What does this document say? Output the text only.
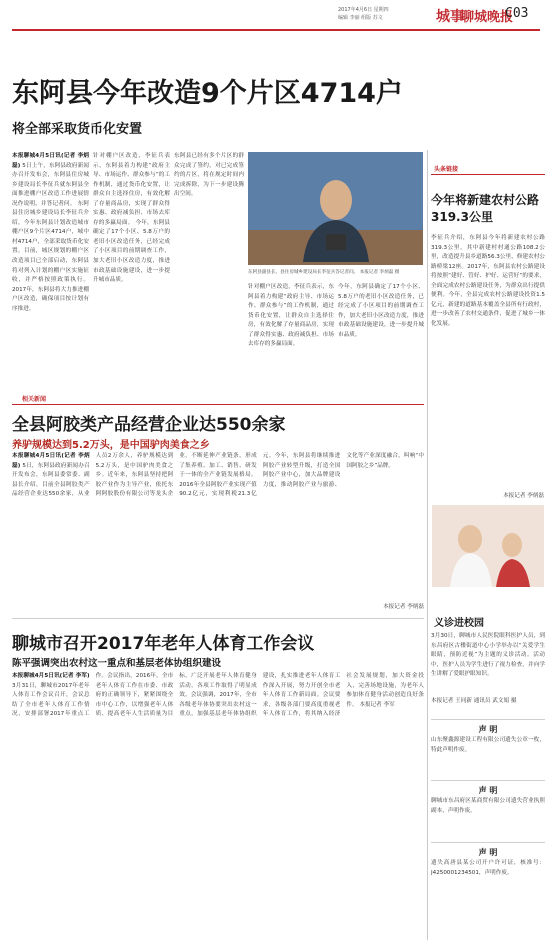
2017年4月6日 星期四
编辑 李丽 组版 苏文	城事
聊城晚报
C03
东阿县今年改造9个片区4714户
将全部采取货币化安置
本报聊城4月5日讯(记者 李炳磊) 5日上午，东阿县政府新闻办召开发布会，东阿县住房城乡建设局长李征兵就东阿县全面推进棚户区改造工作进展情况作说明，并答记者问。 东阿县住房城乡建设局长李征兵介绍，今年东阿县计划改造城市棚户区9个片区4714户，城中村4714户，全部采取货币化安置。目前，城区规划的棚户区改造项目已全部启动，东阿县将对列入计划的棚户区实施征收，并严格按照政策执行。2017年，东阿县将大力推进棚户区改造，确保项目按计划有序推进。
针对棚户区改造，李征兵表示，东阿县着力构建“政府主导、市场运作、群众参与”的工作机制，通过货币化安置，让群众自主选择住房，有效化解了存量商品房，实现了群众得实惠、政府减负担、市场去库存的多赢局面。 今年，东阿县确定了17个小区、5.8万户的老旧小区改造任务，已经完成了小区项目的前期调查工作，加大老旧小区改造力度，推进市政基础设施建设，进一步提升城市品质。
东阿县已经有多个片区的群众完成了签约，对已完成签约的片区，将在规定时间内完成拆除，为下一步建设腾出空间。
东阿县副县长、县住房城乡建设局长李征兵答记者问。 本报记者 李炳磊 摄
针对棚户区改造，李征兵表示，东阿县着力构建“政府主导、市场运作、群众参与”的工作机制，通过货币化安置，让群众自主选择住房，有效化解了存量商品房，实现了群众得实惠、政府减负担、市场去库存的多赢局面。
今年，东阿县确定了17个小区、5.8万户的老旧小区改造任务，已经完成了小区项目的前期调查工作，加大老旧小区改造力度，推进市政基础设施建设，进一步提升城市品质。
头条链接
今年将新建农村公路319.3公里
李征兵介绍，东阿县今年将新建农村公路319.3公里，其中新建村村通公路108.2公里，改造提升县乡道路56.3公里，修建农村公路桥梁12座。2017年，东阿县农村公路建设将按照“建好、管好、护好、运营好”的要求，全面完成农村公路建设任务，为群众出行提供便利。今年，全县完成农村公路建设投资1.5亿元，新建的道路基本覆盖全县所有行政村，进一步改善了农村交通条件，促进了城乡一体化发展。
本报记者 李炳磊
义诊进校园
3月30日，聊城市人民医院眼科医护人员，到东昌府区古楼街道中心小学举办以“关爱学生眼睛，预防近视”为主题的义诊活动。活动中，医护人员为学生进行了视力检查，并向学生讲解了爱眼护眼知识。
本报记者 王同新 通讯员 武文娟 摄
声 明
山东聚鑫源建设工程有限公司遗失公章一枚，特此声明作废。
声 明
聊城市东昌府区某商贸有限公司遗失营业执照副本，声明作废。
声 明
遗失高唐县某公司开户许可证，核准号：J4250001234501，声明作废。
相关新闻
全县阿胶类产品经营企业达550余家
养驴规模达到5.2万头，是中国驴肉美食之乡
本报聊城4月5日讯(记者 李炳磊) 5日，东阿县政府新闻办召开发布会，东阿县委常委、副县长介绍，目前全县阿胶类产品经营企业达550余家，从业人员2万余人，养驴规模达到5.2万头，是中国驴肉美食之乡。近年来，东阿县坚持把阿胶产业作为主导产业，依托东阿阿胶股份有限公司等龙头企业，不断延伸产业链条，形成了集养殖、加工、销售、研发于一体的全产业链发展格局。2016年全县阿胶产业实现产值90.2亿元，实现利税21.3亿元。今年，东阿县将继续推进阿胶产业转型升级，打造全国阿胶产业中心，加大品牌建设力度，推动阿胶产业与旅游、文化等产业深度融合，叫响“中国阿胶之乡”品牌。
本报记者 李炳磊
聊城市召开2017年老年人体育工作会议
陈平强调突出农村这一重点和基层老体协组织建设
本报聊城4月5日讯(记者 李军) 3月31日，聊城市2017年老年人体育工作会议召开，会议总结了全市老年人体育工作情况，安排部署2017年重点工作。会议指出，2016年，全市老年人体育工作在市委、市政府的正确领导下，紧紧围绕全市中心工作，以增强老年人体质、提高老年人生活质量为目标，广泛开展老年人体育健身活动，各项工作取得了明显成效。会议强调，2017年，全市各级老年体协要突出农村这一重点，加强基层老年体协组织建设，扎实推进老年人体育工作深入开展，努力开创全市老年人体育工作新局面。会议要求，各级各部门要高度重视老年人体育工作，将其纳入经济社会发展规划，加大资金投入，完善场地设施，为老年人参加体育健身活动创造良好条件。 本报记者 李军
